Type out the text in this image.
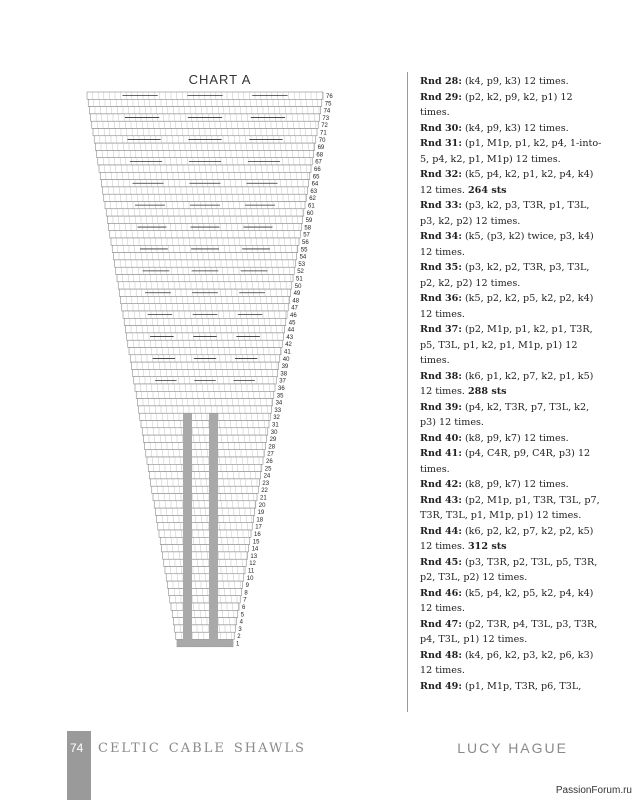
CHART A
76
75
74
73
72
71
70
69
68
67
66
65
64
63
62
61
60
59
58
57
56
55
54
53
52
51
50
49
48
47
46
45
44
43
42
41
40
39
38
37
36
35
34
33
32
31
30
29
28
27
26
25
24
23
22
21
20
19
18
17
16
15
14
13
12
11
10
9
8
7
6
5
4
3
2
1

Rnd 28: (k4, p9, k3) 12 times.

Rnd 29: (p2, k2, p9, k2, p1) 12 times.

Rnd 30: (k4, p9, k3) 12 times.

Rnd 31: (p1, M1p, p1, k2, p4, 1-into-5, p4, k2, p1, M1p) 12 times.

Rnd 32: (k5, p4, k2, p1, k2, p4, k4) 12 times. 264 sts

Rnd 33: (p3, k2, p3, T3R, p1, T3L, p3, k2, p2) 12 times.

Rnd 34: (k5, (p3, k2) twice, p3, k4) 12 times.

Rnd 35: (p3, k2, p2, T3R, p3, T3L, p2, k2, p2) 12 times.

Rnd 36: (k5, p2, k2, p5, k2, p2, k4) 12 times.

Rnd 37: (p2, M1p, p1, k2, p1, T3R, p5, T3L, p1, k2, p1, M1p, p1) 12 times.

Rnd 38: (k6, p1, k2, p7, k2, p1, k5) 12 times. 288 sts

Rnd 39: (p4, k2, T3R, p7, T3L, k2, p3) 12 times.

Rnd 40: (k8, p9, k7) 12 times.

Rnd 41: (p4, C4R, p9, C4R, p3) 12 times.

Rnd 42: (k8, p9, k7) 12 times.

Rnd 43: (p2, M1p, p1, T3R, T3L, p7, T3R, T3L, p1, M1p, p1) 12 times.

Rnd 44: (k6, p2, k2, p7, k2, p2, k5) 12 times. 312 sts

Rnd 45: (p3, T3R, p2, T3L, p5, T3R, p2, T3L, p2) 12 times.

Rnd 46: (k5, p4, k2, p5, k2, p4, k4) 12 times.

Rnd 47: (p2, T3R, p4, T3L, p3, T3R, p4, T3L, p1) 12 times.

Rnd 48: (k4, p6, k2, p3, k2, p6, k3) 12 times.

Rnd 49: (p1, M1p, T3R, p6, T3L,

74 celtic cable shawls	LUCY HAGUE
PassionForum.ru
